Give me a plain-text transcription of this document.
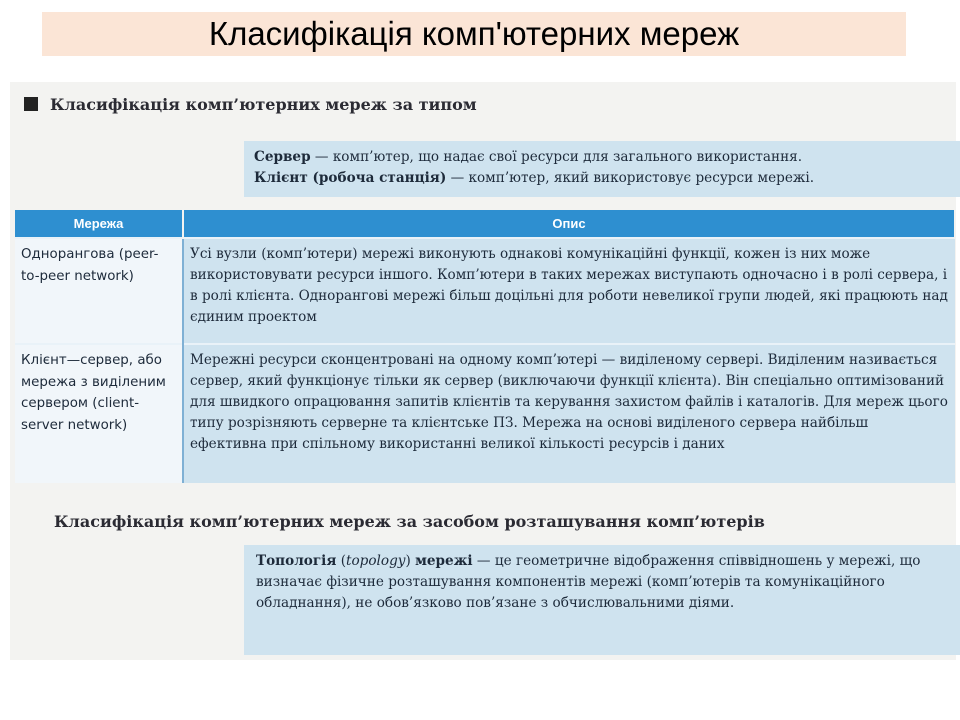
Класифікація комп'ютерних мереж
Класифікація комп’ютерних мереж за типом
Сервер — комп’ютер, що надає свої ресурси для загального використання.
Клієнт (робоча станція) — комп’ютер, який використовує ресурси мережі.
Мережа	Опис
Однорангова (peer-to-peer network)	Усі вузли (комп’ютери) мережі виконують однакові комунікаційні функції, кожен із них може використовувати ресурси іншого. Комп’ютери в таких мережах виступають одночасно і в ролі сервера, і в ролі клієнта. Однорангові мережі більш доцільні для роботи невеликої групи людей, які працюють над єдиним проектом
Клієнт—сервер, або мережа з виділеним сервером (client-server network)	Мережні ресурси сконцентровані на одному комп’ютері — виділеному сервері. Виділеним називається сервер, який функціонує тільки як сервер (виключаючи функції клієнта). Він спеціально оптимізований для швидкого опрацювання запитів клієнтів та керування захистом файлів і каталогів. Для мереж цього типу розрізняють серверне та клієнтське ПЗ. Мережа на основі виділеного сервера найбільш ефективна при спільному використанні великої кількості ресурсів і даних
Класифікація комп’ютерних мереж за засобом розташування комп’ютерів
Топологія (topology) мережі — це геометричне відображення співвідношень у мережі, що визначає фізичне розташування компонентів мережі (комп’ютерів та комунікаційного обладнання), не обов’язково пов’язане з обчислювальними діями.
